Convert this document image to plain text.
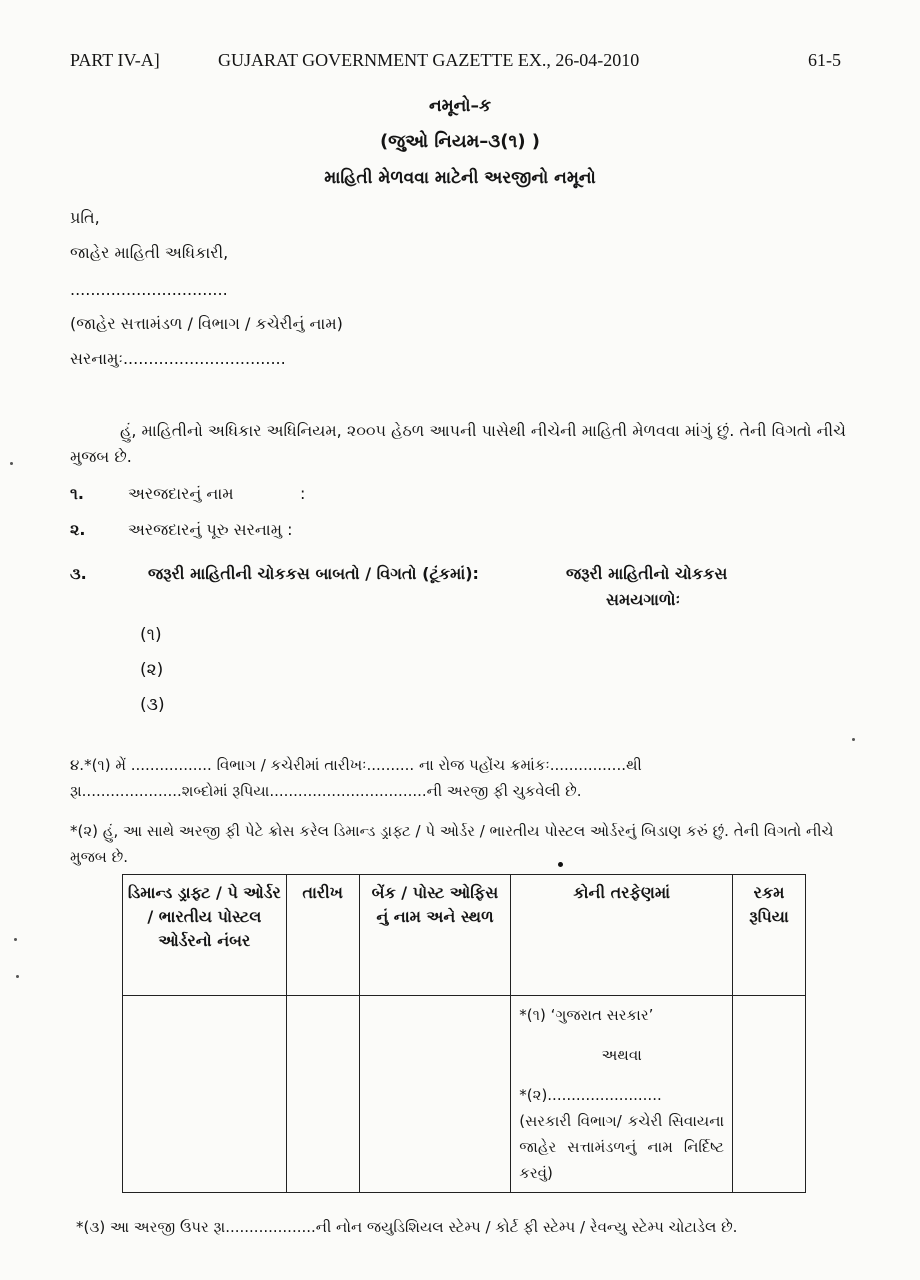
PART IV-A]	GUJARAT GOVERNMENT GAZETTE EX., 26-04-2010	61-5
નમૂનો–ક
(જુઓ નિયમ–૩(૧) )
માહિતી મેળવવા માટેની અરજીનો નમૂનો
પ્રતિ,
જાહેર માહિતી અધિકારી,
...............................
(જાહેર સત્તામંડળ / વિભાગ / કચેરીનું નામ)
સરનામુઃ................................
હું, માહિતીનો અધિકાર અધિનિયમ, ૨૦૦૫ હેઠળ આપની પાસેથી નીચેની માહિતી મેળવવા માંગું છું. તેની વિગતો નીચે મુજબ છે.
૧.	અરજદારનું નામ	:
૨.	અરજદારનું પૂરુ સરનામુ :
૩.	જરૂરી માહિતીની ચોકકસ બાબતો / વિગતો (ટૂંકમાં):	જરૂરી માહિતીનો ચોકકસ
સમયગાળોઃ
(૧)
(૨)
(૩)
૪.*(૧) મેં ................. વિભાગ / કચેરીમાં તારીખઃ.......... ના રોજ પહોંચ ક્રમાંકઃ................થી
રૂા.....................શબ્દોમાં રૂપિયા.................................ની અરજી ફી ચુકવેલી છે.
*(૨) હું, આ સાથે અરજી ફી પેટે ક્રોસ કરેલ ડિમાન્ડ ડ્રાફ્ટ / પે ઓર્ડર / ભારતીય પોસ્ટલ ઓર્ડરનું બિડાણ કરું છું. તેની વિગતો નીચે મુજબ છે.
ડિમાન્ડ ડ્રાફ્ટ / પે ઓર્ડર / ભારતીય પોસ્ટલ ઓર્ડરનો નંબર	તારીખ	બેંક / પોસ્ટ ઓફિસ નું નામ અને સ્થળ	કોની તરફેણમાં	રકમ રૂપિયા

			*(૧) ‘ગુજરાત સરકાર’
અથવા
*(૨)........................
(સરકારી વિભાગ/ કચેરી સિવાયના જાહેર સત્તામંડળનું નામ નિર્દિષ્ટ કરવું)	

*(૩) આ અરજી ઉપર રૂા...................ની નોન જયુડિશિયલ સ્ટેમ્પ / કોર્ટ ફી સ્ટેમ્પ / રેવન્યુ સ્ટેમ્પ ચોટાડેલ છે.
